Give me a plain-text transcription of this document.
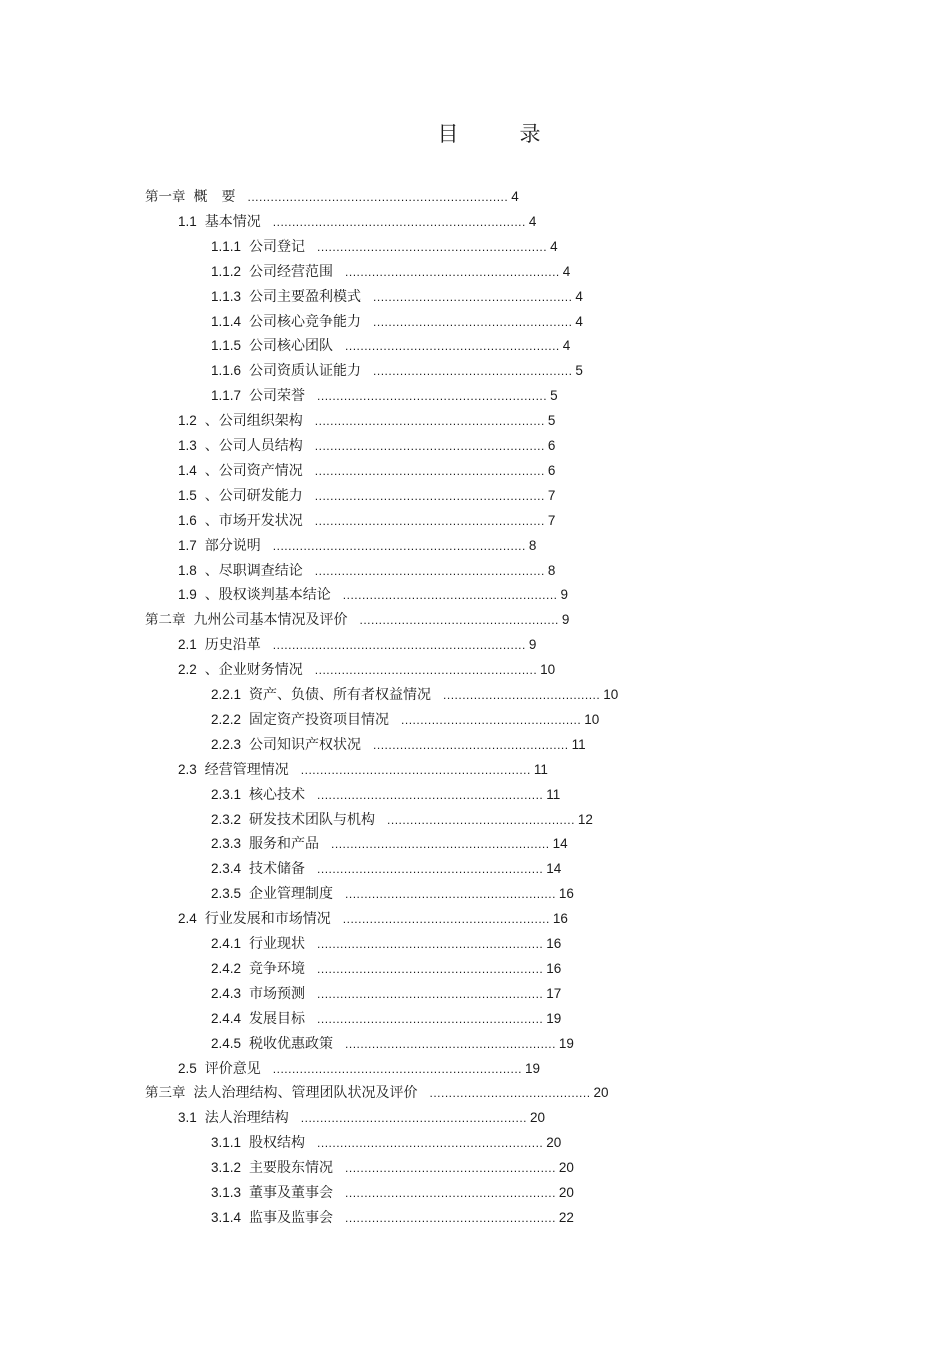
目　录
第一章 概　要 .................................................................... 4
1.1 基本情况 .................................................................. 4
1.1.1 公司登记 ............................................................ 4
1.1.2 公司经营范围 ........................................................ 4
1.1.3 公司主要盈利模式 .................................................... 4
1.1.4 公司核心竞争能力 .................................................... 4
1.1.5 公司核心团队 ........................................................ 4
1.1.6 公司资质认证能力 .................................................... 5
1.1.7 公司荣誉 ............................................................ 5
1.2 、公司组织架构 ............................................................ 5
1.3 、公司人员结构 ............................................................ 6
1.4 、公司资产情况 ............................................................ 6
1.5 、公司研发能力 ............................................................ 7
1.6 、市场开发状况 ............................................................ 7
1.7 部分说明 .................................................................. 8
1.8 、尽职调查结论 ............................................................ 8
1.9 、股权谈判基本结论 ........................................................ 9
第二章 九州公司基本情况及评价 .................................................... 9
2.1 历史沿革 .................................................................. 9
2.2 、企业财务情况 .......................................................... 10
2.2.1 资产、负债、所有者权益情况 ......................................... 10
2.2.2 固定资产投资项目情况 ............................................... 10
2.2.3 公司知识产权状况 ................................................... 11
2.3 经营管理情况 ............................................................ 11
2.3.1 核心技术 ........................................................... 11
2.3.2 研发技术团队与机构 ................................................. 12
2.3.3 服务和产品 ......................................................... 14
2.3.4 技术储备 ........................................................... 14
2.3.5 企业管理制度 ....................................................... 16
2.4 行业发展和市场情况 ...................................................... 16
2.4.1 行业现状 ........................................................... 16
2.4.2 竞争环境 ........................................................... 16
2.4.3 市场预测 ........................................................... 17
2.4.4 发展目标 ........................................................... 19
2.4.5 税收优惠政策 ....................................................... 19
2.5 评价意见 ................................................................. 19
第三章 法人治理结构、管理团队状况及评价 .......................................... 20
3.1 法人治理结构 ........................................................... 20
3.1.1 股权结构 ........................................................... 20
3.1.2 主要股东情况 ....................................................... 20
3.1.3 董事及董事会 ....................................................... 20
3.1.4 监事及监事会 ....................................................... 22
